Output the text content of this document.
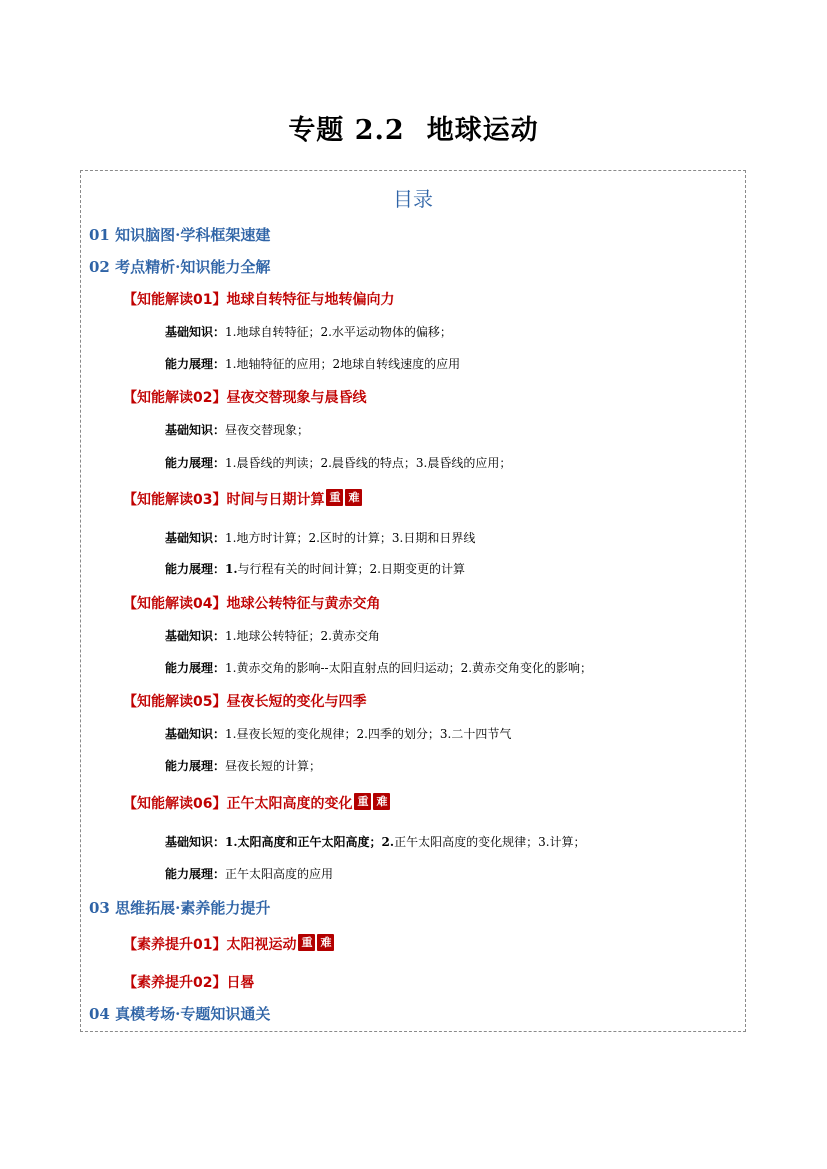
专题 2.2 地球运动
目录
01 知识脑图·学科框架速建
02 考点精析·知识能力全解
【知能解读01】地球自转特征与地转偏向力
基础知识：1.地球自转特征；2.水平运动物体的偏移；
能力展理：1.地轴特征的应用；2地球自转线速度的应用
【知能解读02】昼夜交替现象与晨昏线
基础知识：昼夜交替现象；
能力展理：1.晨昏线的判读；2.晨昏线的特点；3.晨昏线的应用；
【知能解读03】时间与日期计算 重 难
基础知识：1.地方时计算；2.区时的计算；3.日期和日界线
能力展理：1.与行程有关的时间计算；2.日期变更的计算
【知能解读04】地球公转特征与黄赤交角
基础知识：1.地球公转特征；2.黄赤交角
能力展理：1.黄赤交角的影响--太阳直射点的回归运动；2.黄赤交角变化的影响；
【知能解读05】昼夜长短的变化与四季
基础知识：1.昼夜长短的变化规律；2.四季的划分；3.二十四节气
能力展理：昼夜长短的计算；
【知能解读06】正午太阳高度的变化 重 难
基础知识：1.太阳高度和正午太阳高度；2.正午太阳高度的变化规律；3.计算；
能力展理：正午太阳高度的应用
03 思维拓展·素养能力提升
【素养提升01】太阳视运动 重 难
【素养提升02】日晷
04 真模考场·专题知识通关
